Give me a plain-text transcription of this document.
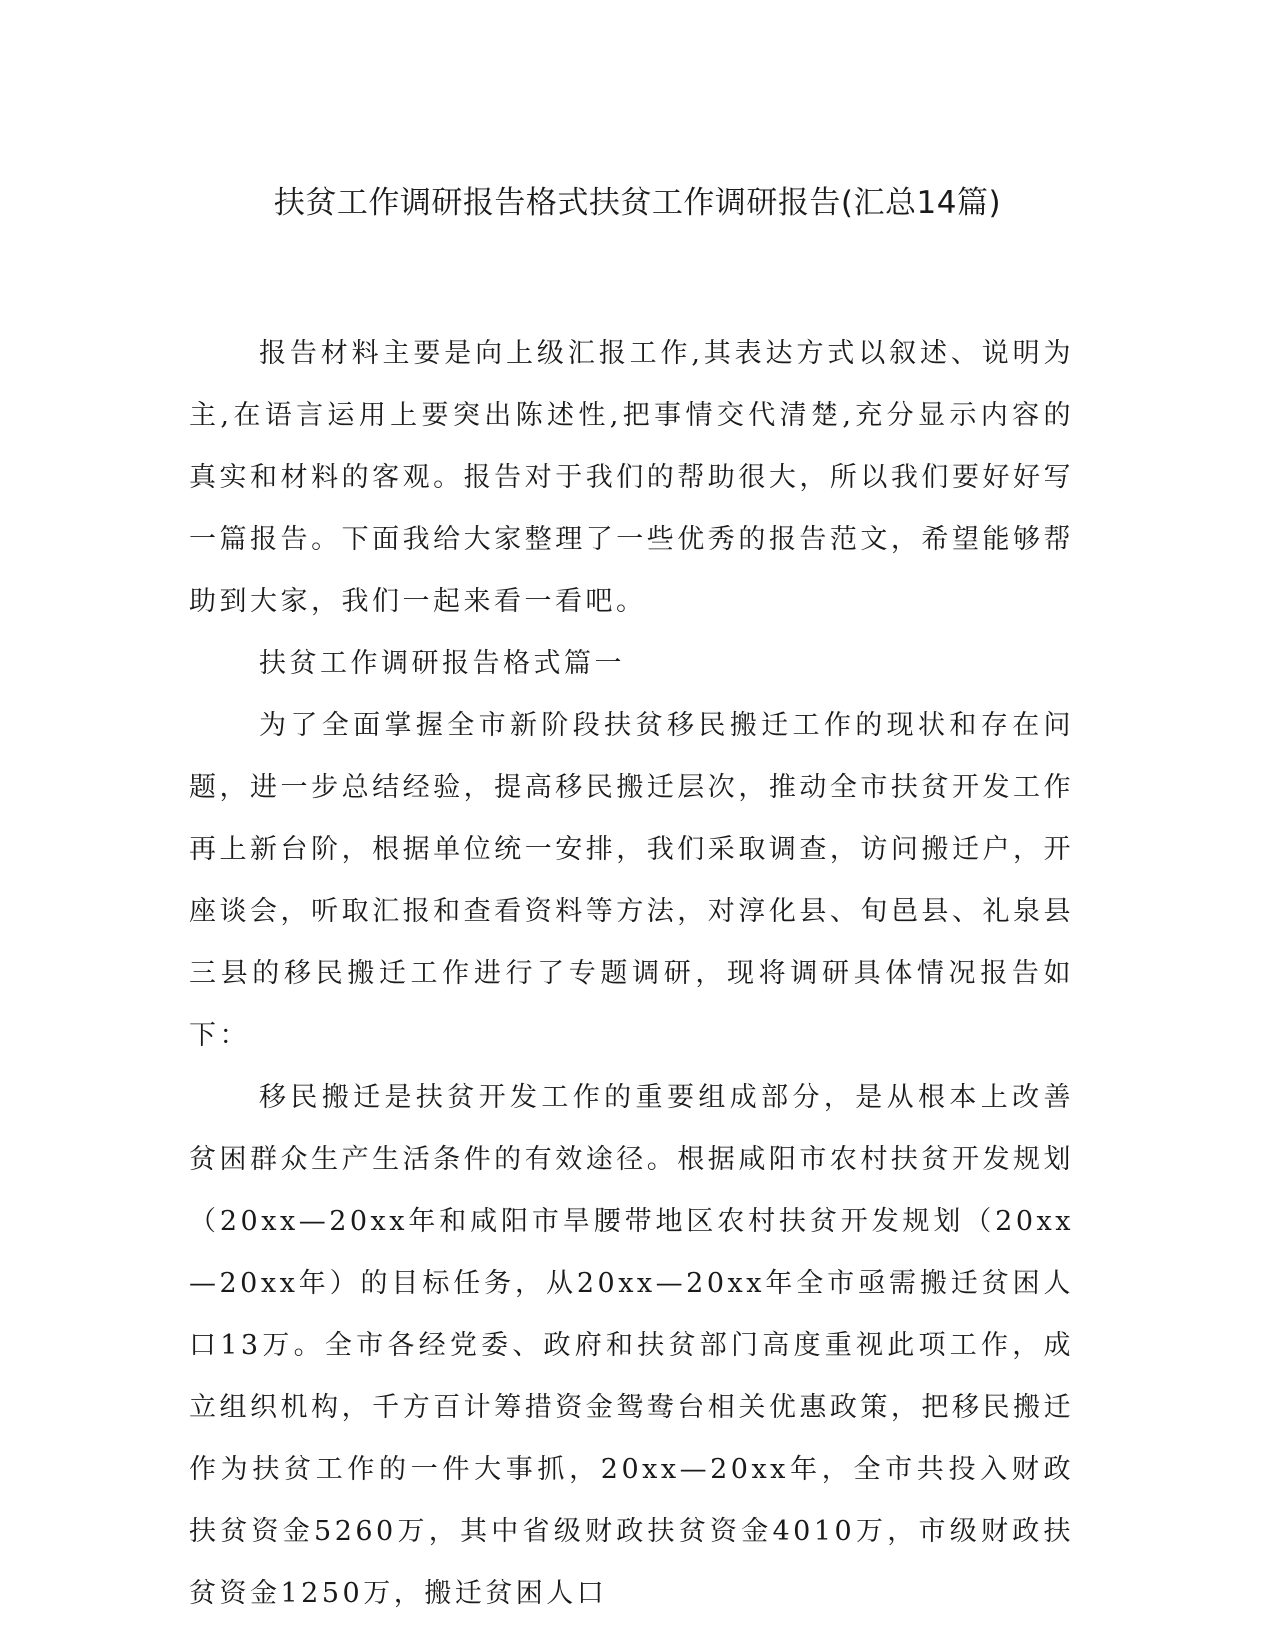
扶贫工作调研报告格式扶贫工作调研报告(汇总14篇)

报告材料主要是向上级汇报工作,其表达方式以叙述、说明为主,在语言运用上要突出陈述性,把事情交代清楚,充分显示内容的真实和材料的客观。报告对于我们的帮助很大，所以我们要好好写一篇报告。下面我给大家整理了一些优秀的报告范文，希望能够帮助到大家，我们一起来看一看吧。

扶贫工作调研报告格式篇一

为了全面掌握全市新阶段扶贫移民搬迁工作的现状和存在问题，进一步总结经验，提高移民搬迁层次，推动全市扶贫开发工作再上新台阶，根据单位统一安排，我们采取调查，访问搬迁户，开座谈会，听取汇报和查看资料等方法，对淳化县、旬邑县、礼泉县三县的移民搬迁工作进行了专题调研，现将调研具体情况报告如下：

移民搬迁是扶贫开发工作的重要组成部分，是从根本上改善贫困群众生产生活条件的有效途径。根据咸阳市农村扶贫开发规划（20xx—20xx年和咸阳市旱腰带地区农村扶贫开发规划（20xx—20xx年）的目标任务，从20xx—20xx年全市亟需搬迁贫困人口13万。全市各经党委、政府和扶贫部门高度重视此项工作，成立组织机构，千方百计筹措资金鸳鸯台相关优惠政策，把移民搬迁作为扶贫工作的一件大事抓，20xx—20xx年，全市共投入财政扶贫资金5260万，其中省级财政扶贫资金4010万，市级财政扶贫资金1250万，搬迁贫困人口
